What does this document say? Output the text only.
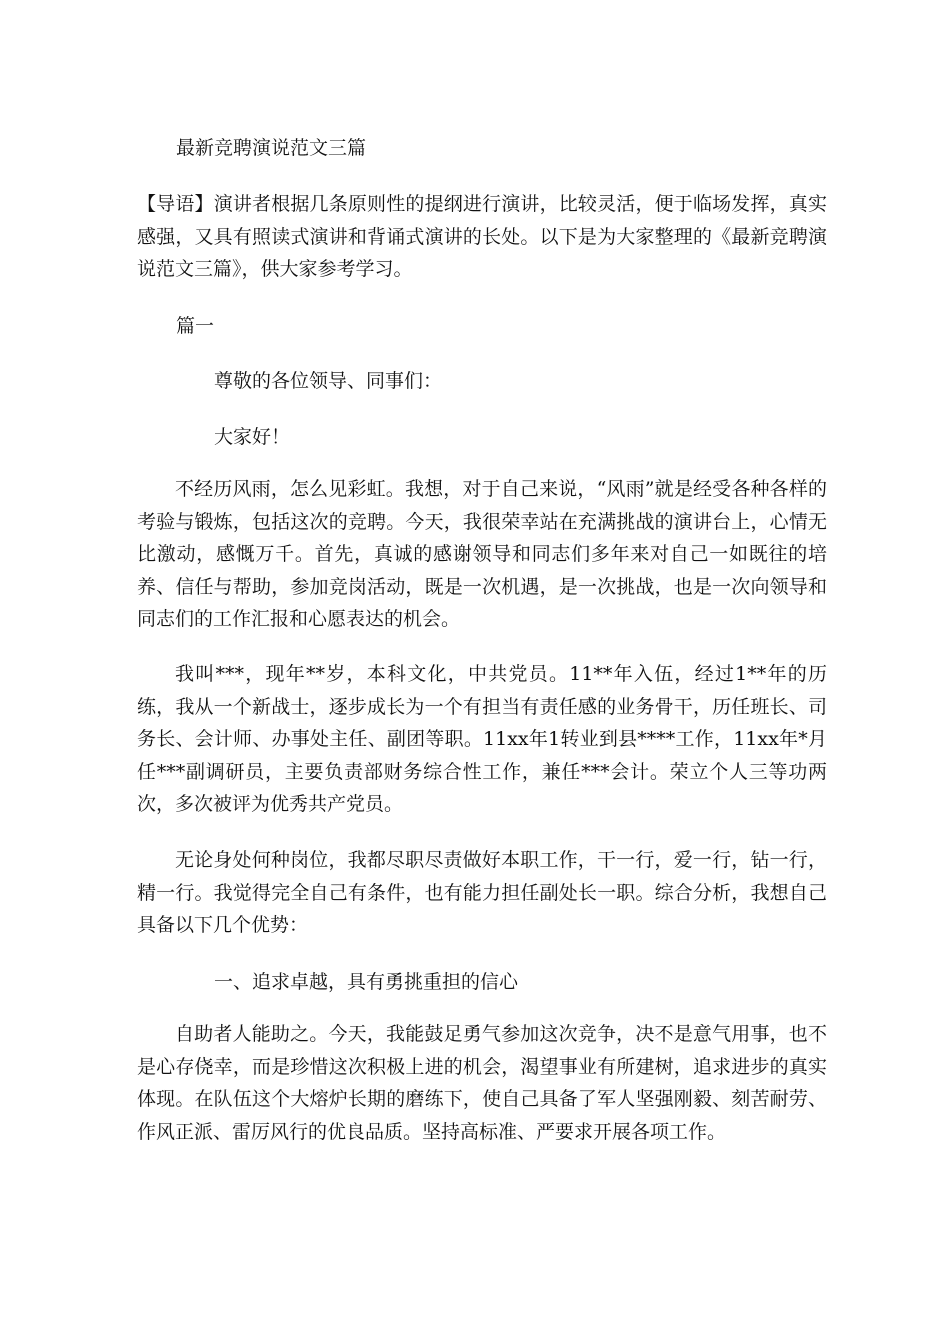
最新竞聘演说范文三篇

【导语】演讲者根据几条原则性的提纲进行演讲，比较灵活，便于临场发挥，真实感强，又具有照读式演讲和背诵式演讲的长处。以下是为大家整理的《最新竞聘演说范文三篇》，供大家参考学习。

篇一
尊敬的各位领导、同事们：
大家好！

不经历风雨，怎么见彩虹。我想，对于自己来说，“风雨”就是经受各种各样的考验与锻炼，包括这次的竞聘。今天，我很荣幸站在充满挑战的演讲台上，心情无比激动，感慨万千。首先，真诚的感谢领导和同志们多年来对自己一如既往的培养、信任与帮助，参加竞岗活动，既是一次机遇，是一次挑战，也是一次向领导和同志们的工作汇报和心愿表达的机会。

我叫***，现年**岁，本科文化，中共党员。11**年入伍，经过1**年的历练，我从一个新战士，逐步成长为一个有担当有责任感的业务骨干，历任班长、司务长、会计师、办事处主任、副团等职。11xx年1转业到县****工作，11xx年*月任***副调研员，主要负责部财务综合性工作，兼任***会计。荣立个人三等功两次，多次被评为优秀共产党员。

无论身处何种岗位，我都尽职尽责做好本职工作，干一行，爱一行，钻一行，精一行。我觉得完全自己有条件，也有能力担任副处长一职。综合分析，我想自己具备以下几个优势：

一、追求卓越，具有勇挑重担的信心

自助者人能助之。今天，我能鼓足勇气参加这次竞争，决不是意气用事，也不是心存侥幸，而是珍惜这次积极上进的机会，渴望事业有所建树，追求进步的真实体现。在队伍这个大熔炉长期的磨练下，使自己具备了军人坚强刚毅、刻苦耐劳、作风正派、雷厉风行的优良品质。坚持高标准、严要求开展各项工作。
